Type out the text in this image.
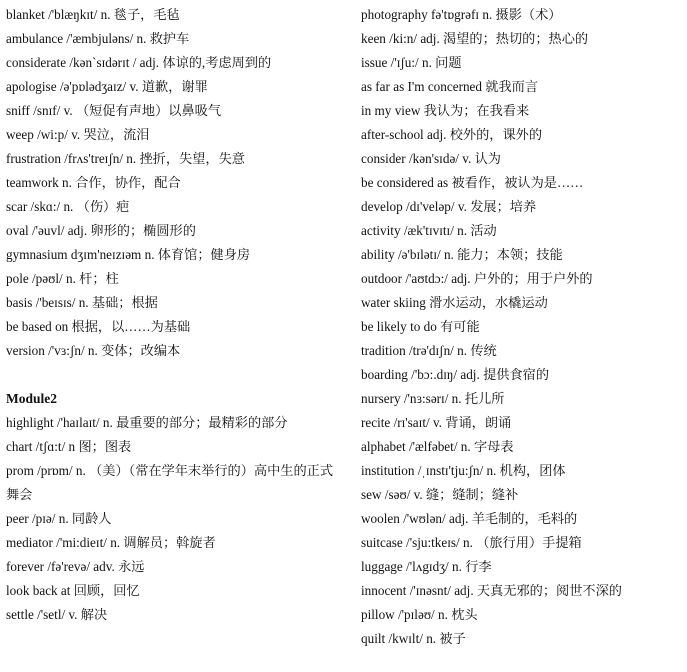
blanket /'blæŋkɪt/ n. 毯子，毛毡
ambulance /'æmbjuləns/ n. 救护车
considerate /kən`sɪdərɪt / adj. 体谅的,考虑周到的
apologise /ə'pɒlədʒaɪz/ v. 道歉，谢罪
sniff /snɪf/ v. （短促有声地）以鼻吸气
weep /wi:p/ v. 哭泣，流泪
frustration /frʌs'treɪʃn/ n. 挫折，失望，失意
teamwork n. 合作，协作，配合
scar /skɑ:/ n. （伤）疤
oval /'əuvl/ adj. 卵形的；椭圆形的
gymnasium dʒɪm'neɪzɪəm n. 体育馆；健身房
pole /pəʊl/ n. 杆；柱
basis /'beɪsɪs/ n. 基础；根据
be based on 根据，以……为基础
version /'vɜ:ʃn/ n. 变体；改编本
Module2
highlight /'haɪlaɪt/ n. 最重要的部分；最精彩的部分
chart /tʃɑ:t/ n 图；图表
prom /prɒm/ n. （美）（常在学年末举行的）高中生的正式舞会
peer /pɪə/ n. 同龄人
mediator /'mi:dieɪt/ n. 调解员；斡旋者
forever /fə'revə/ adv. 永远
look back at 回顾，回忆
settle /'setl/ v. 解决
photography fə'tɒgrəfɪ n. 摄影（术）
keen /ki:n/ adj. 渴望的；热切的；热心的
issue /'ɪʃu:/ n. 问题
as far as I'm concerned 就我而言
in my view 我认为；在我看来
after-school adj. 校外的，课外的
consider /kən'sɪdə/ v. 认为
be considered as 被看作，被认为是……
develop /dɪ'veləp/ v. 发展；培养
activity /æk'tɪvɪtɪ/ n. 活动
ability /ə'bɪlətɪ/ n. 能力；本领；技能
outdoor /'aʊtdɔ:/ adj. 户外的；用于户外的
water skiing 滑水运动，水橇运动
be likely to do 有可能
tradition /trə'dɪʃn/ n. 传统
boarding /'bɔ:.dɪŋ/ adj. 提供食宿的
nursery /'nɜ:sərɪ/ n. 托儿所
recite /rɪ'saɪt/ v. 背诵，朗诵
alphabet /'ælfəbet/ n. 字母表
institution /ˌɪnstɪ'tju:ʃn/ n. 机构，团体
sew /səʊ/ v. 缝；缝制；缝补
woolen /'wʊlən/ adj. 羊毛制的，毛料的
suitcase /'sju:tkeɪs/ n. （旅行用）手提箱
luggage /'lʌgɪdʒ/ n. 行李
innocent /'ɪnəsnt/ adj. 天真无邪的；阅世不深的
pillow /'pɪləʊ/ n. 枕头
quilt /kwɪlt/ n. 被子
